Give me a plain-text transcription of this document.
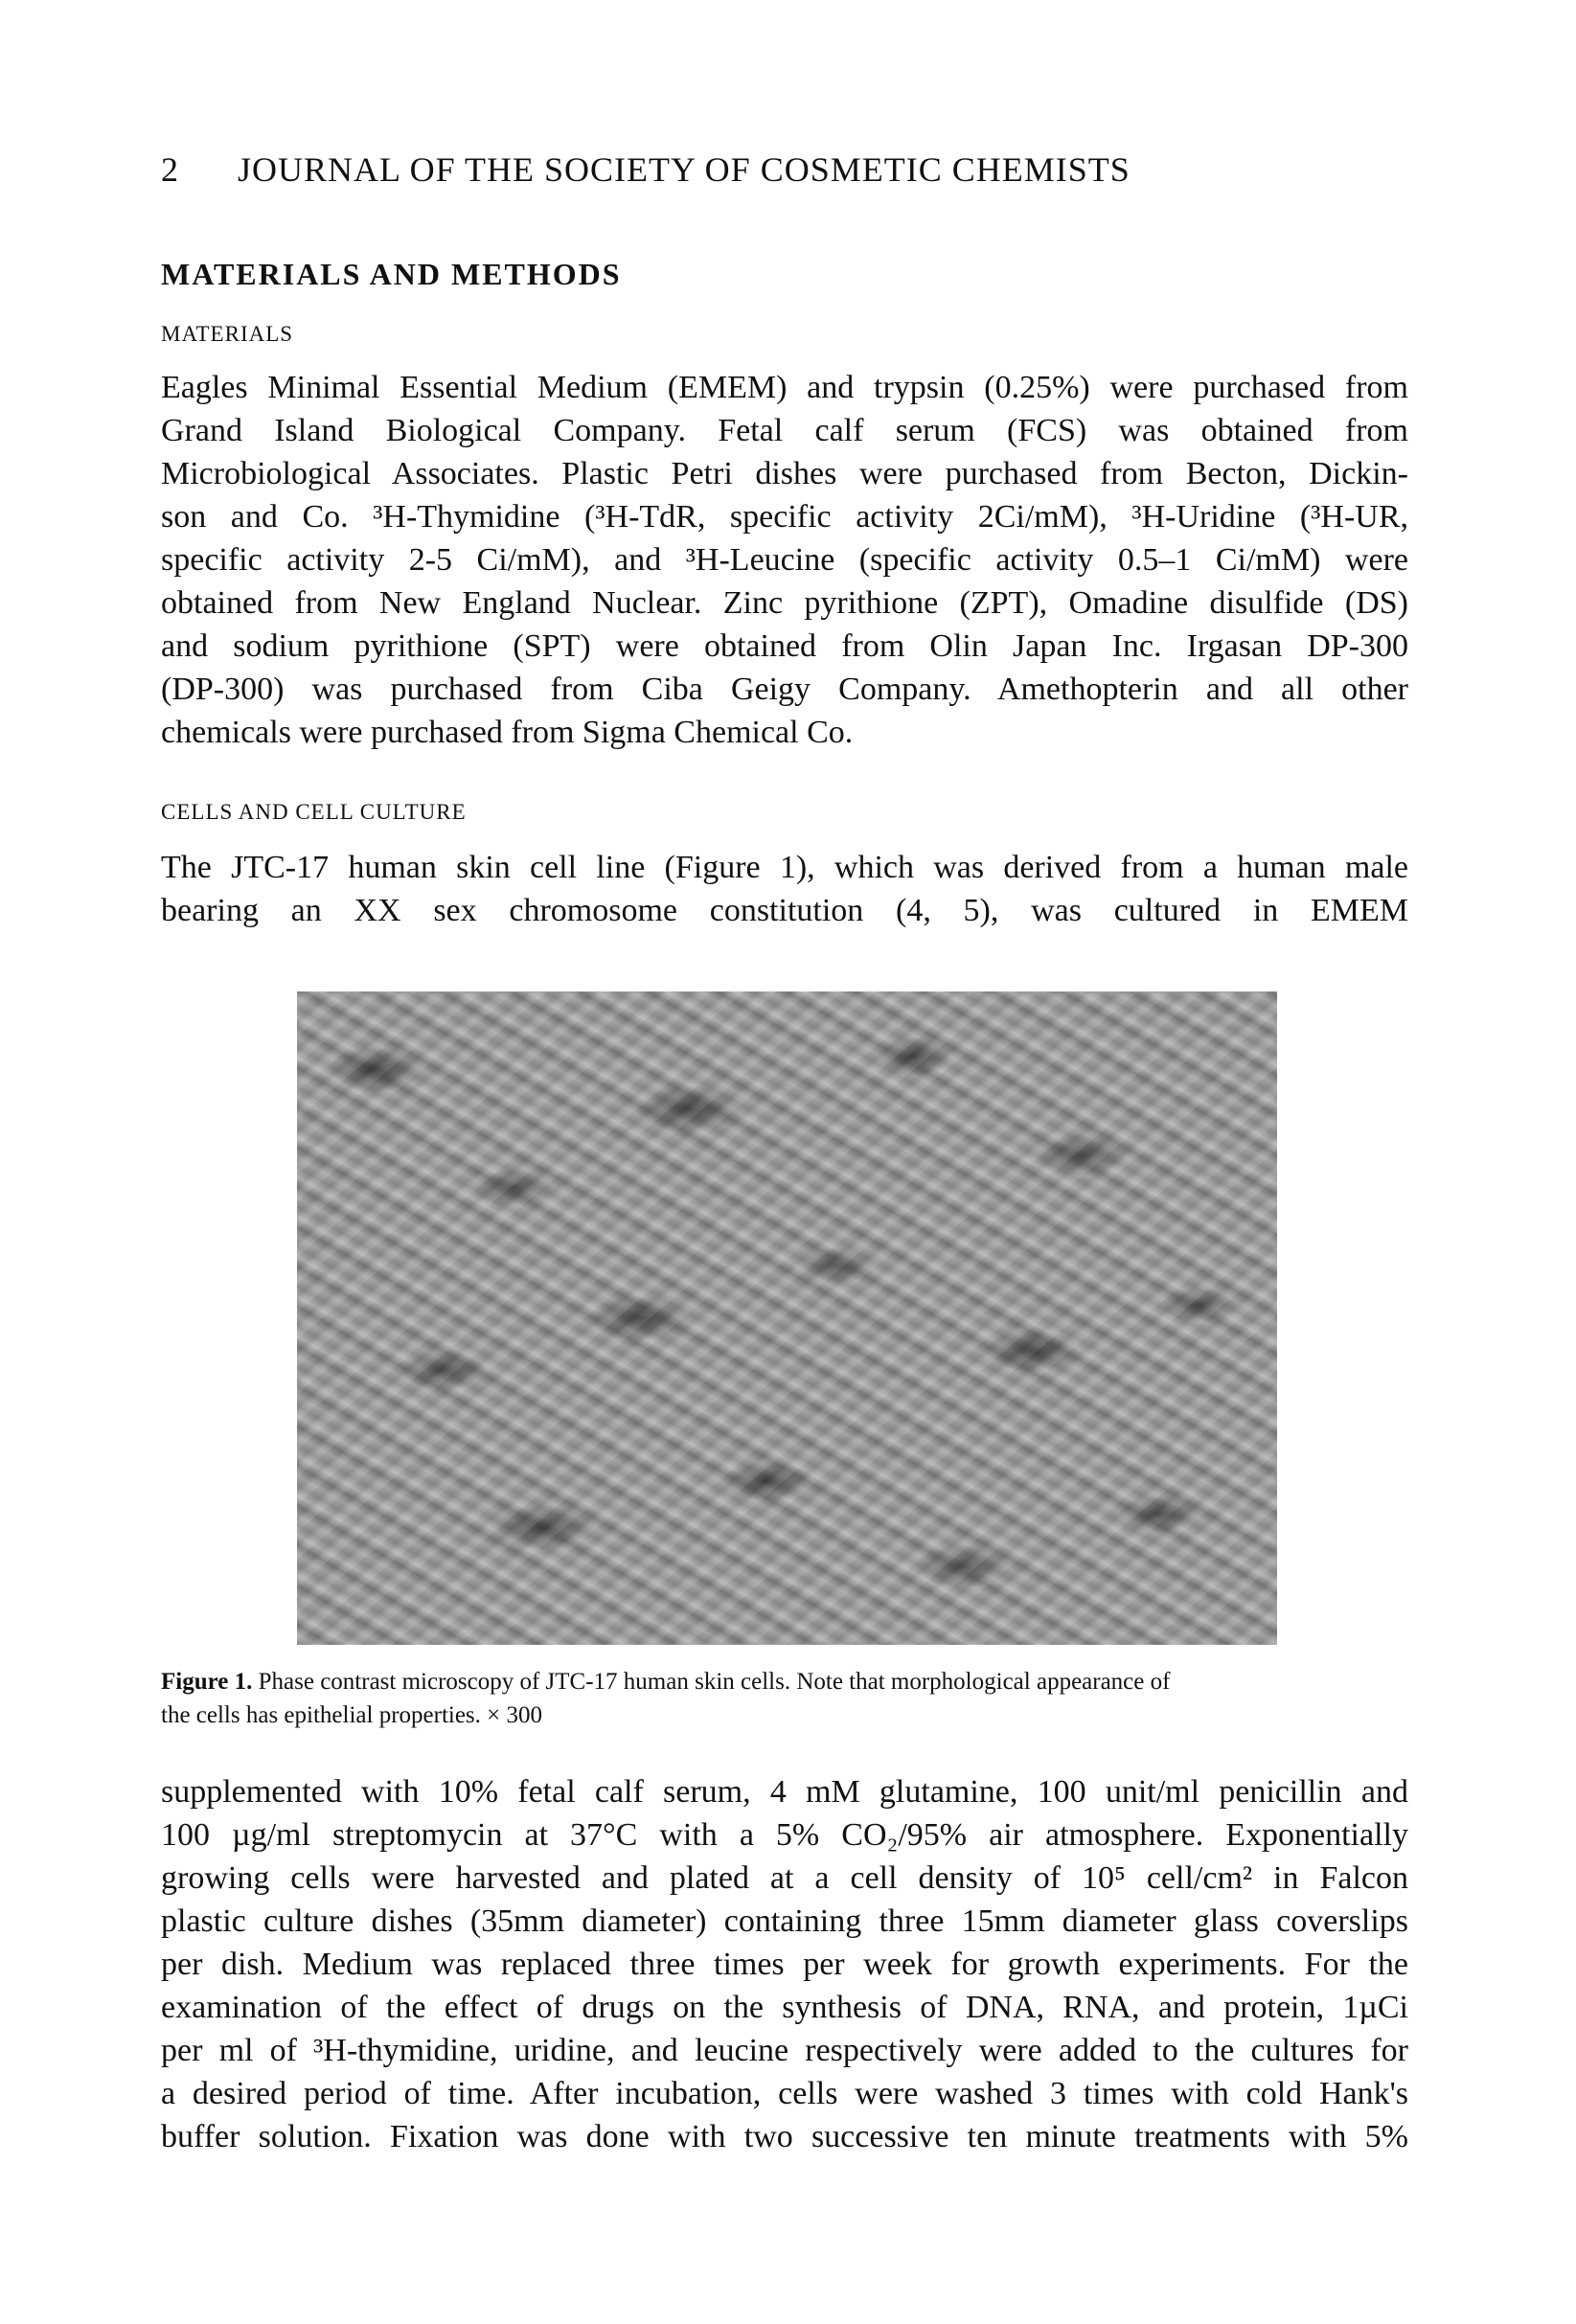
2 JOURNAL OF THE SOCIETY OF COSMETIC CHEMISTS
MATERIALS AND METHODS
MATERIALS
Eagles Minimal Essential Medium (EMEM) and trypsin (0.25%) were purchased from
Grand Island Biological Company. Fetal calf serum (FCS) was obtained from
Microbiological Associates. Plastic Petri dishes were purchased from Becton, Dickin-
son and Co. ³H-Thymidine (³H-TdR, specific activity 2Ci/mM), ³H-Uridine (³H-UR,
specific activity 2-5 Ci/mM), and ³H-Leucine (specific activity 0.5–1 Ci/mM) were
obtained from New England Nuclear. Zinc pyrithione (ZPT), Omadine disulfide (DS)
and sodium pyrithione (SPT) were obtained from Olin Japan Inc. Irgasan DP-300
(DP-300) was purchased from Ciba Geigy Company. Amethopterin and all other
chemicals were purchased from Sigma Chemical Co.
CELLS AND CELL CULTURE
The JTC-17 human skin cell line (Figure 1), which was derived from a human male
bearing an XX sex chromosome constitution (4, 5), was cultured in EMEM
Figure 1. Phase contrast microscopy of JTC-17 human skin cells. Note that morphological appearance of
the cells has epithelial properties. × 300
supplemented with 10% fetal calf serum, 4 mM glutamine, 100 unit/ml penicillin and
100 µg/ml streptomycin at 37°C with a 5% CO₂/95% air atmosphere. Exponentially
growing cells were harvested and plated at a cell density of 10⁵ cell/cm² in Falcon
plastic culture dishes (35mm diameter) containing three 15mm diameter glass coverslips
per dish. Medium was replaced three times per week for growth experiments. For the
examination of the effect of drugs on the synthesis of DNA, RNA, and protein, 1µCi
per ml of ³H-thymidine, uridine, and leucine respectively were added to the cultures for
a desired period of time. After incubation, cells were washed 3 times with cold Hank's
buffer solution. Fixation was done with two successive ten minute treatments with 5%
